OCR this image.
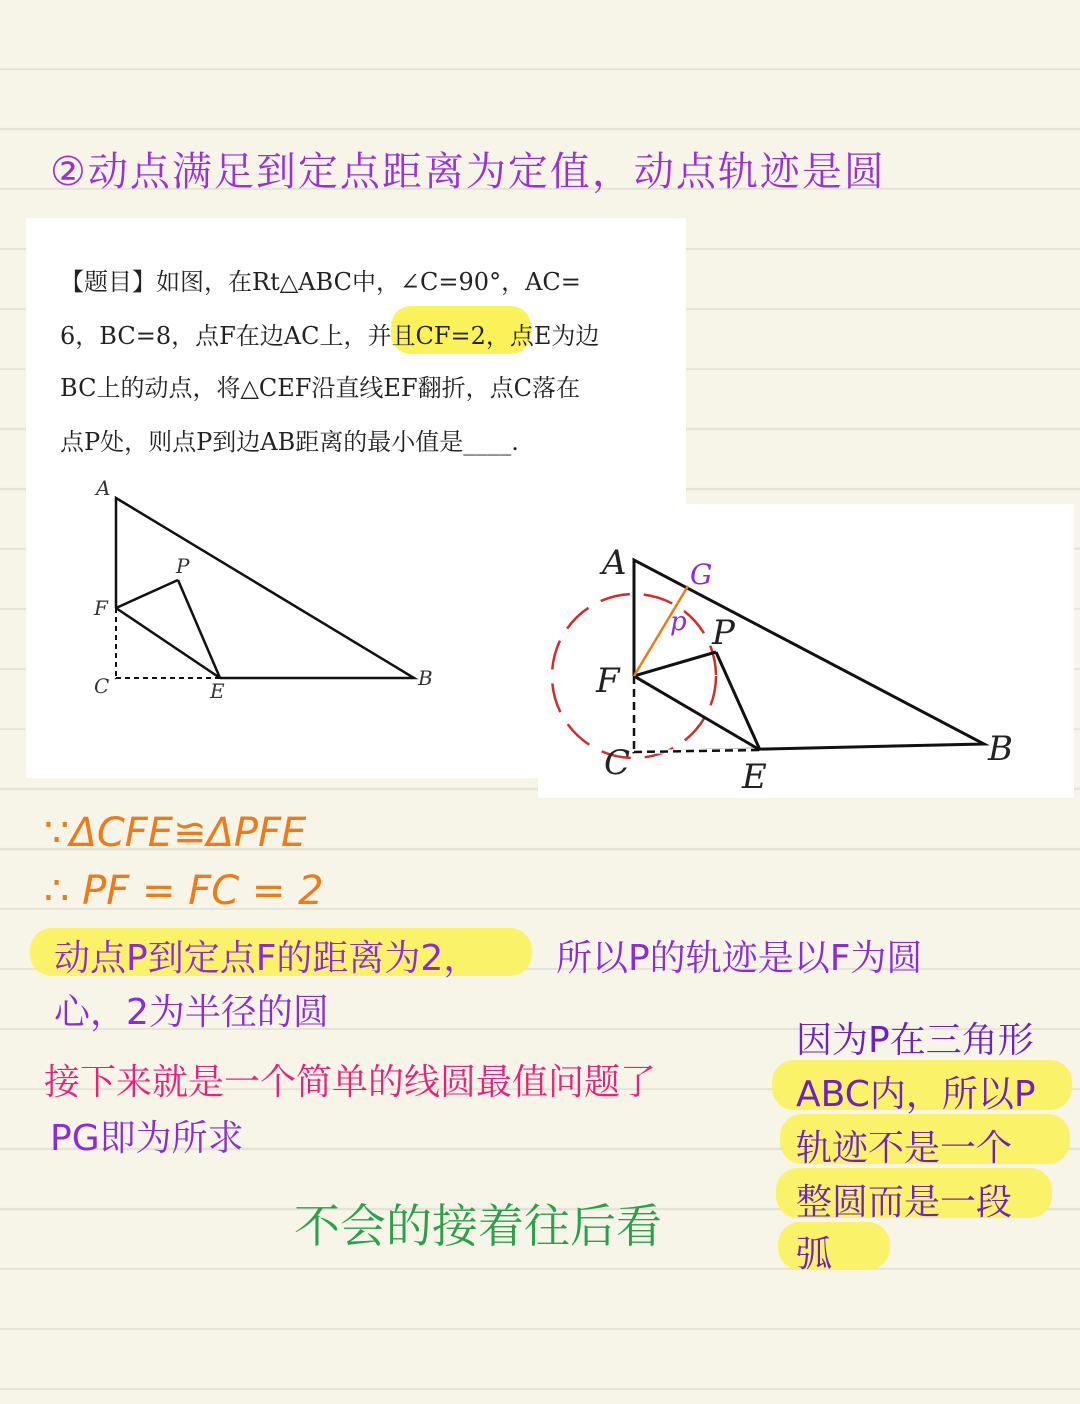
②动点满足到定点距离为定值，动点轨迹是圆
【题目】如图，在Rt△ABC中，∠C=90°，AC=
6，BC=8，点F在边AC上，并且CF=2，点E为边
BC上的动点，将△CEF沿直线EF翻折，点C落在
点P处，则点P到边AB距离的最小值是____.
A
F
C	E
B
P	A
F
C	E
B
P
G
p
∵ΔCFE≌ΔPFE
∴ PF = FC = 2
动点P到定点F的距离为2， 所以P的轨迹是以F为圆
心，2为半径的圆
接下来就是一个简单的线圆最值问题了
PG即为所求
不会的接着往后看
因为P在三角形
ABC内，所以P
轨迹不是一个
整圆而是一段
弧
